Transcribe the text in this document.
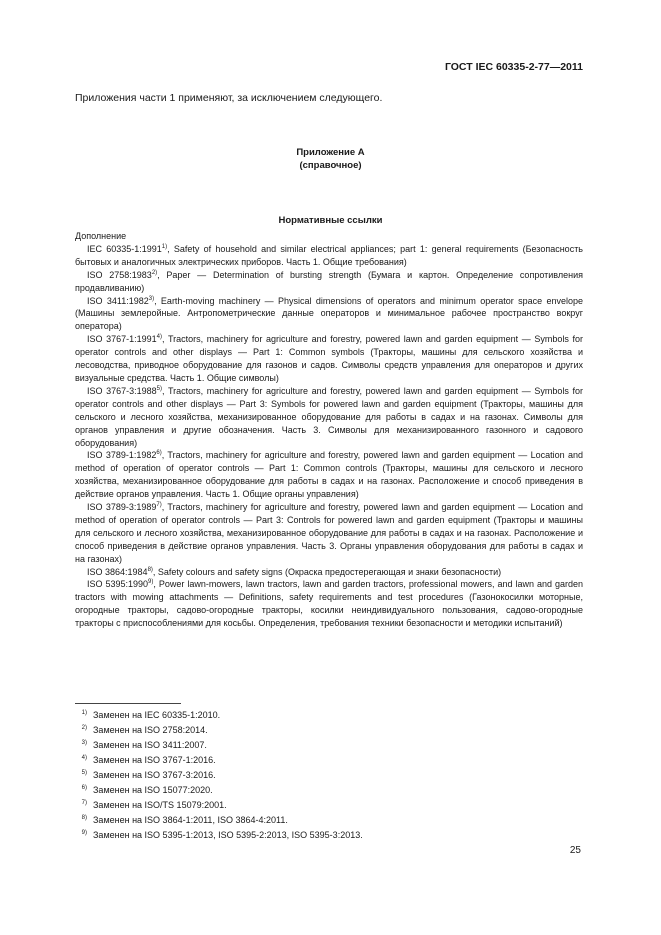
ГОСТ IEC 60335-2-77—2011
Приложения части 1 применяют, за исключением следующего.
Приложение А
(справочное)
Нормативные ссылки

Дополнение

IEC 60335-1:1991$^{1)}$, Safety of household and similar electrical appliances; part 1: general requirements (Безопасность бытовых и аналогичных электрических приборов. Часть 1. Общие требования)

ISO 2758:1983$^{2)}$, Paper — Determination of bursting strength (Бумага и картон. Определение сопротивления продавливанию)

ISO 3411:1982$^{3)}$, Earth-moving machinery — Physical dimensions of operators and minimum operator space envelope (Машины землеройные. Антропометрические данные операторов и минимальное рабочее пространство вокруг оператора)

ISO 3767-1:1991$^{4)}$, Tractors, machinery for agriculture and forestry, powered lawn and garden equipment — Symbols for operator controls and other displays — Part 1: Common symbols (Тракторы, машины для сельского хозяйства и лесоводства, приводное оборудование для газонов и садов. Символы средств управления для операторов и других визуальные средства. Часть 1. Общие символы)

ISO 3767-3:1988$^{5)}$, Tractors, machinery for agriculture and forestry, powered lawn and garden equipment — Symbols for operator controls and other displays — Part 3: Symbols for powered lawn and garden equipment (Тракторы, машины для сельского и лесного хозяйства, механизированное оборудование для работы в садах и на газонах. Символы для органов управления и другие обозначения. Часть 3. Символы для механизированного газонного и садового оборудования)

ISO 3789-1:1982$^{6)}$, Tractors, machinery for agriculture and forestry, powered lawn and garden equipment — Location and method of operation of operator controls — Part 1: Common controls (Тракторы, машины для сельского и лесного хозяйства, механизированное оборудование для работы в садах и на газонах. Расположение и способ приведения в действие органов управления. Часть 1. Общие органы управления)

ISO 3789-3:1989$^{7)}$, Tractors, machinery for agriculture and forestry, powered lawn and garden equipment — Location and method of operation of operator controls — Part 3: Controls for powered lawn and garden equipment (Тракторы и машины для сельского и лесного хозяйства, механизированное оборудование для работы в садах и на газонах. Расположение и способ приведения в действие органов управления. Часть 3. Органы управления оборудования для работы в садах и на газонах)

ISO 3864:1984$^{8)}$, Safety colours and safety signs (Окраска предостерегающая и знаки безопасности)

ISO 5395:1990$^{9)}$, Power lawn-mowers, lawn tractors, lawn and garden tractors, professional mowers, and lawn and garden tractors with mowing attachments — Definitions, safety requirements and test procedures (Газонокосилки моторные, огородные тракторы, садово-огородные тракторы, косилки неиндивидуального пользования, садово-огородные тракторы с приспособлениями для косьбы. Определения, требования техники безопасности и методики испытаний)

$^{1)}$ Заменен на IEC 60335-1:2010.
$^{2)}$ Заменен на ISO 2758:2014.
$^{3)}$ Заменен на ISO 3411:2007.
$^{4)}$ Заменен на ISO 3767-1:2016.
$^{5)}$ Заменен на ISO 3767-3:2016.
$^{6)}$ Заменен на ISO 15077:2020.
$^{7)}$ Заменен на ISO/TS 15079:2001.
$^{8)}$ Заменен на ISO 3864-1:2011, ISO 3864-4:2011.
$^{9)}$ Заменен на ISO 5395-1:2013, ISO 5395-2:2013, ISO 5395-3:2013.
25
